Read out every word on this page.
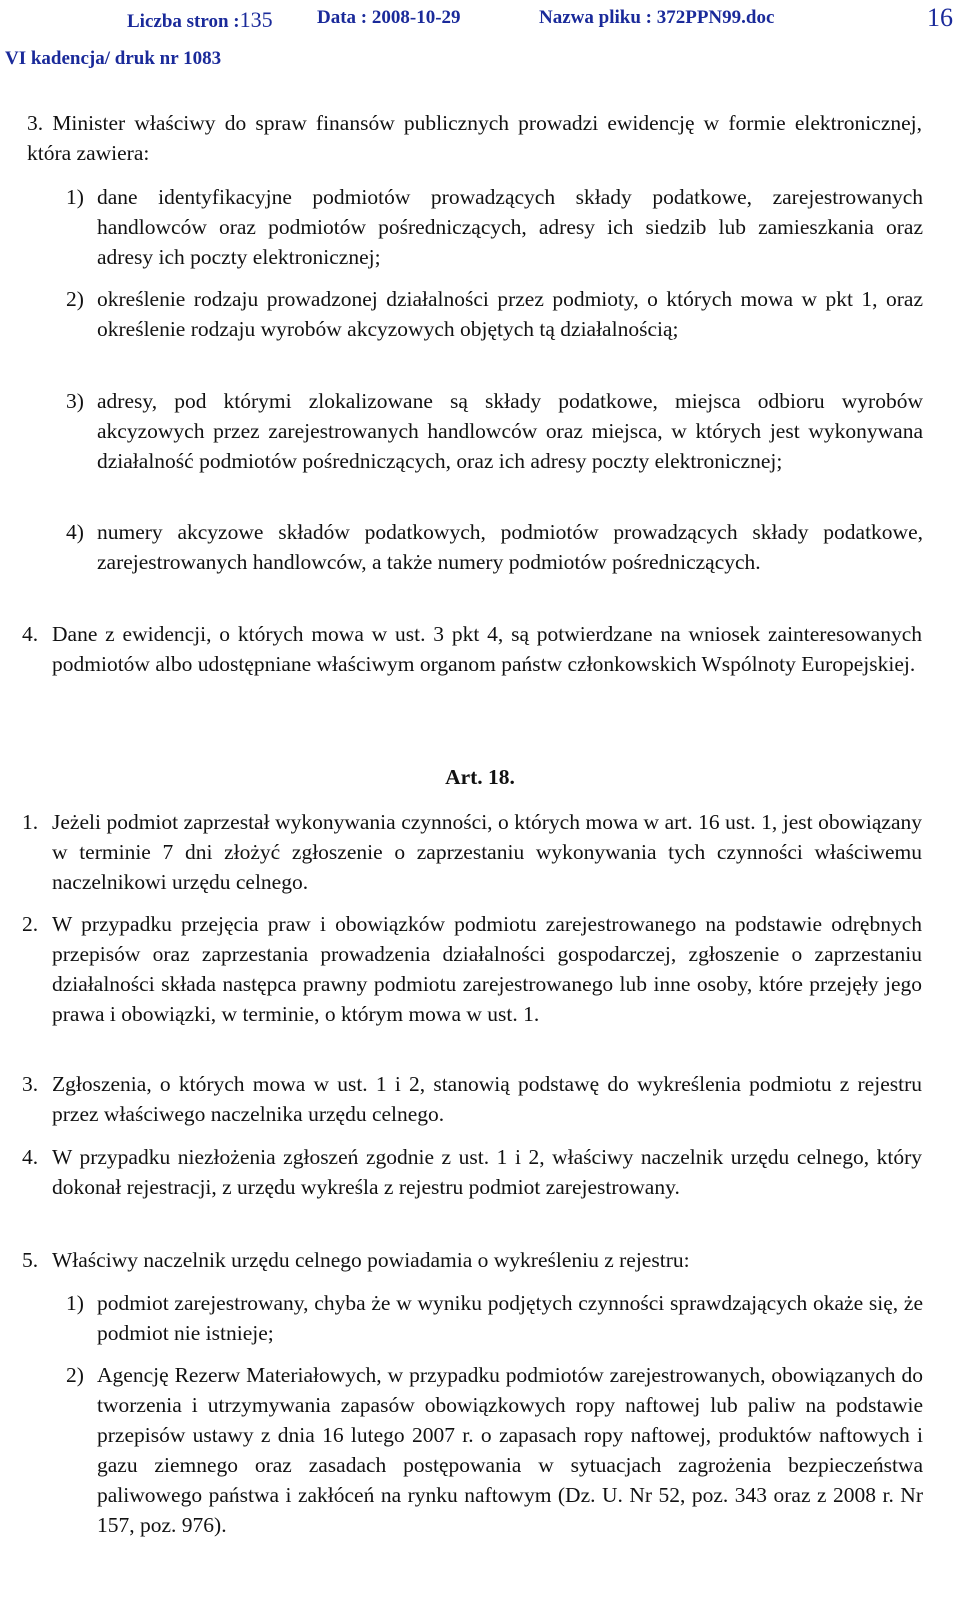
Liczba stron :135 Data : 2008-10-29	Nazwa pliku : 372PPN99.doc	16
VI kadencja/ druk nr 1083
3. Minister właściwy do spraw finansów publicznych prowadzi ewidencję w formie elektronicznej, która zawiera:
1) dane identyfikacyjne podmiotów prowadzących składy podatkowe, zarejestrowanych handlowców oraz podmiotów pośredniczących, adresy ich siedzib lub zamieszkania oraz adresy ich poczty elektronicznej;
2) określenie rodzaju prowadzonej działalności przez podmioty, o których mowa w pkt 1, oraz określenie rodzaju wyrobów akcyzowych objętych tą działalnością;
3) adresy, pod którymi zlokalizowane są składy podatkowe, miejsca odbioru wyrobów akcyzowych przez zarejestrowanych handlowców oraz miejsca, w których jest wykonywana działalność podmiotów pośredniczących, oraz ich adresy poczty elektronicznej;
4) numery akcyzowe składów podatkowych, podmiotów prowadzących składy podatkowe, zarejestrowanych handlowców, a także numery podmiotów pośredniczących.
4. Dane z ewidencji, o których mowa w ust. 3 pkt 4, są potwierdzane na wniosek zainteresowanych podmiotów albo udostępniane właściwym organom państw członkowskich Wspólnoty Europejskiej.
Art. 18.
1. Jeżeli podmiot zaprzestał wykonywania czynności, o których mowa w art. 16 ust. 1, jest obowiązany w terminie 7 dni złożyć zgłoszenie o zaprzestaniu wykonywania tych czynności właściwemu naczelnikowi urzędu celnego.
2. W przypadku przejęcia praw i obowiązków podmiotu zarejestrowanego na podstawie odrębnych przepisów oraz zaprzestania prowadzenia działalności gospodarczej, zgłoszenie o zaprzestaniu działalności składa następca prawny podmiotu zarejestrowanego lub inne osoby, które przejęły jego prawa i obowiązki, w terminie, o którym mowa w ust. 1.
3. Zgłoszenia, o których mowa w ust. 1 i 2, stanowią podstawę do wykreślenia podmiotu z rejestru przez właściwego naczelnika urzędu celnego.
4. W przypadku niezłożenia zgłoszeń zgodnie z ust. 1 i 2, właściwy naczelnik urzędu celnego, który dokonał rejestracji, z urzędu wykreśla z rejestru podmiot zarejestrowany.
5. Właściwy naczelnik urzędu celnego powiadamia o wykreśleniu z rejestru:
1) podmiot zarejestrowany, chyba że w wyniku podjętych czynności sprawdzających okaże się, że podmiot nie istnieje;
2) Agencję Rezerw Materiałowych, w przypadku podmiotów zarejestrowanych, obowiązanych do tworzenia i utrzymywania zapasów obowiązkowych ropy naftowej lub paliw na podstawie przepisów ustawy z dnia 16 lutego 2007 r. o zapasach ropy naftowej, produktów naftowych i gazu ziemnego oraz zasadach postępowania w sytuacjach zagrożenia bezpieczeństwa paliwowego państwa i zakłóceń na rynku naftowym (Dz. U. Nr 52, poz. 343 oraz z 2008 r. Nr 157, poz. 976).
